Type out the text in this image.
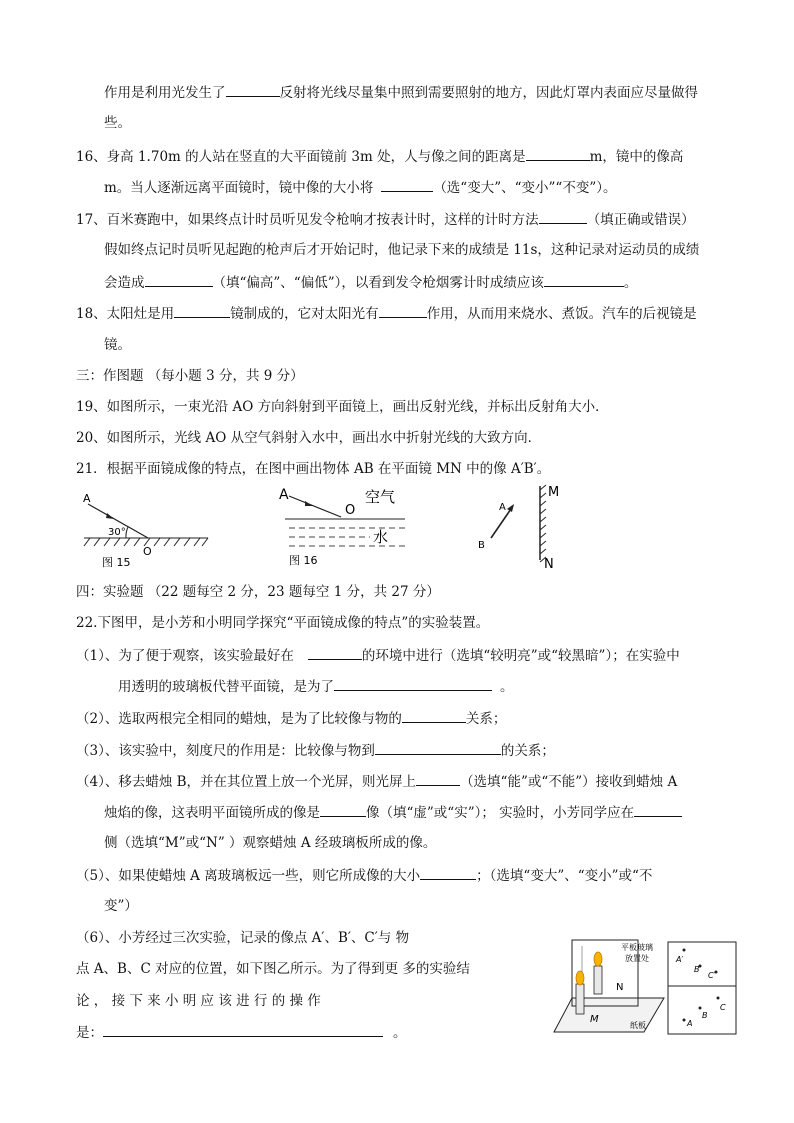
作用是利用光发生了	反射将光线尽量集中照到需要照射的地方，因此灯罩内表面应尽量做得
些。
16、身高 1.70m 的人站在竖直的大平面镜前 3m 处，人与像之间的距离是	m，镜中的像高
m。当人逐渐远离平面镜时，镜中像的大小将	（选“变大”、“变小”“不变”）。
17、百米赛跑中，如果终点计时员听见发令枪响才按表计时，这样的计时方法	（填正确或错误）
假如终点记时员听见起跑的枪声后才开始记时，他记录下来的成绩是 11s，这种记录对运动员的成绩
会造成	（填“偏高”、“偏低”），以看到发令枪烟雾计时成绩应该	。
18、太阳灶是用	镜制成的，它对太阳光有	作用，从而用来烧水、煮饭。汽车的后视镜是
镜。
三：作图题 （每小题 3 分，共 9 分）
19、如图所示，一束光沿 AO 方向斜射到平面镜上，画出反射光线，并标出反射角大小．
20、如图所示，光线 AO 从空气斜射入水中，画出水中折射光线的大致方向．
21．根据平面镜成像的特点，在图中画出物体 AB 在平面镜 MN 中的像 A′B′。
A
30°
O
图 15
A
O
空气
水
图 16
M
N
A
B
四：实验题 （22 题每空 2 分，23 题每空 1 分，共 27 分）
22.下图甲，是小芳和小明同学探究“平面镜成像的特点”的实验装置。
（1）、为了便于观察，该实验最好在	的环境中进行（选填“较明亮”或“较黑暗”）；在实验中
用透明的玻璃板代替平面镜，是为了	。
（2）、选取两根完全相同的蜡烛，是为了比较像与物的	关系；
（3）、该实验中，刻度尺的作用是：比较像与物到	的关系；
（4）、移去蜡烛 B，并在其位置上放一个光屏，则光屏上	（选填“能”或“不能”）接收到蜡烛 A
烛焰的像，这表明平面镜所成的像是	像（填“虚”或“实”）； 实验时，小芳同学应在
侧（选填“M”或“N” ）观察蜡烛 A 经玻璃板所成的像。
（5）、如果使蜡烛 A 离玻璃板远一些，则它所成像的大小	；（选填“变大”、“变小”或“不
变”）
（6）、小芳经过三次实验，记录的像点 A′、B′、C′与 物
点 A、B、C 对应的位置，如下图乙所示。为了得到更 多的实验结
论 ， 接 下 来 小 明 应 该 进 行 的 操 作
是：	。
N
M
平板玻璃
放置处
纸板
A′
B′
C′
C
B
A
